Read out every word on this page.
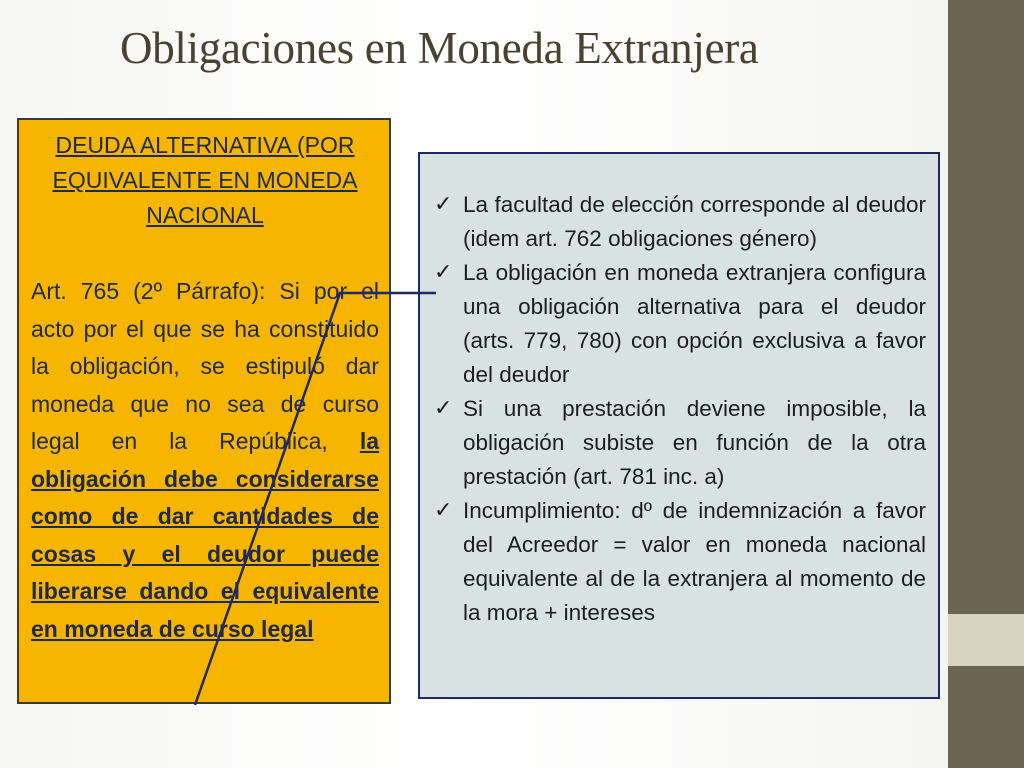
Obligaciones en Moneda Extranjera

DEUDA ALTERNATIVA (POR EQUIVALENTE EN MONEDA NACIONAL

Art. 765 (2º Párrafo): Si por el acto por el que se ha constituido la obligación, se estipuló dar moneda que no sea de curso legal en la República, la obligación debe considerarse como de dar cantidades de cosas y el deudor puede liberarse dando el equivalente en moneda de curso legal
✓ La facultad de elección corresponde al deudor (idem art. 762 obligaciones género)
✓ La obligación en moneda extranjera configura una obligación alternativa para el deudor (arts. 779, 780) con opción exclusiva a favor del deudor
✓ Si una prestación deviene imposible, la obligación subiste en función de la otra prestación (art. 781 inc. a)
✓ Incumplimiento: dº de indemnización a favor del Acreedor = valor en moneda nacional equivalente al de la extranjera al momento de la mora + intereses
